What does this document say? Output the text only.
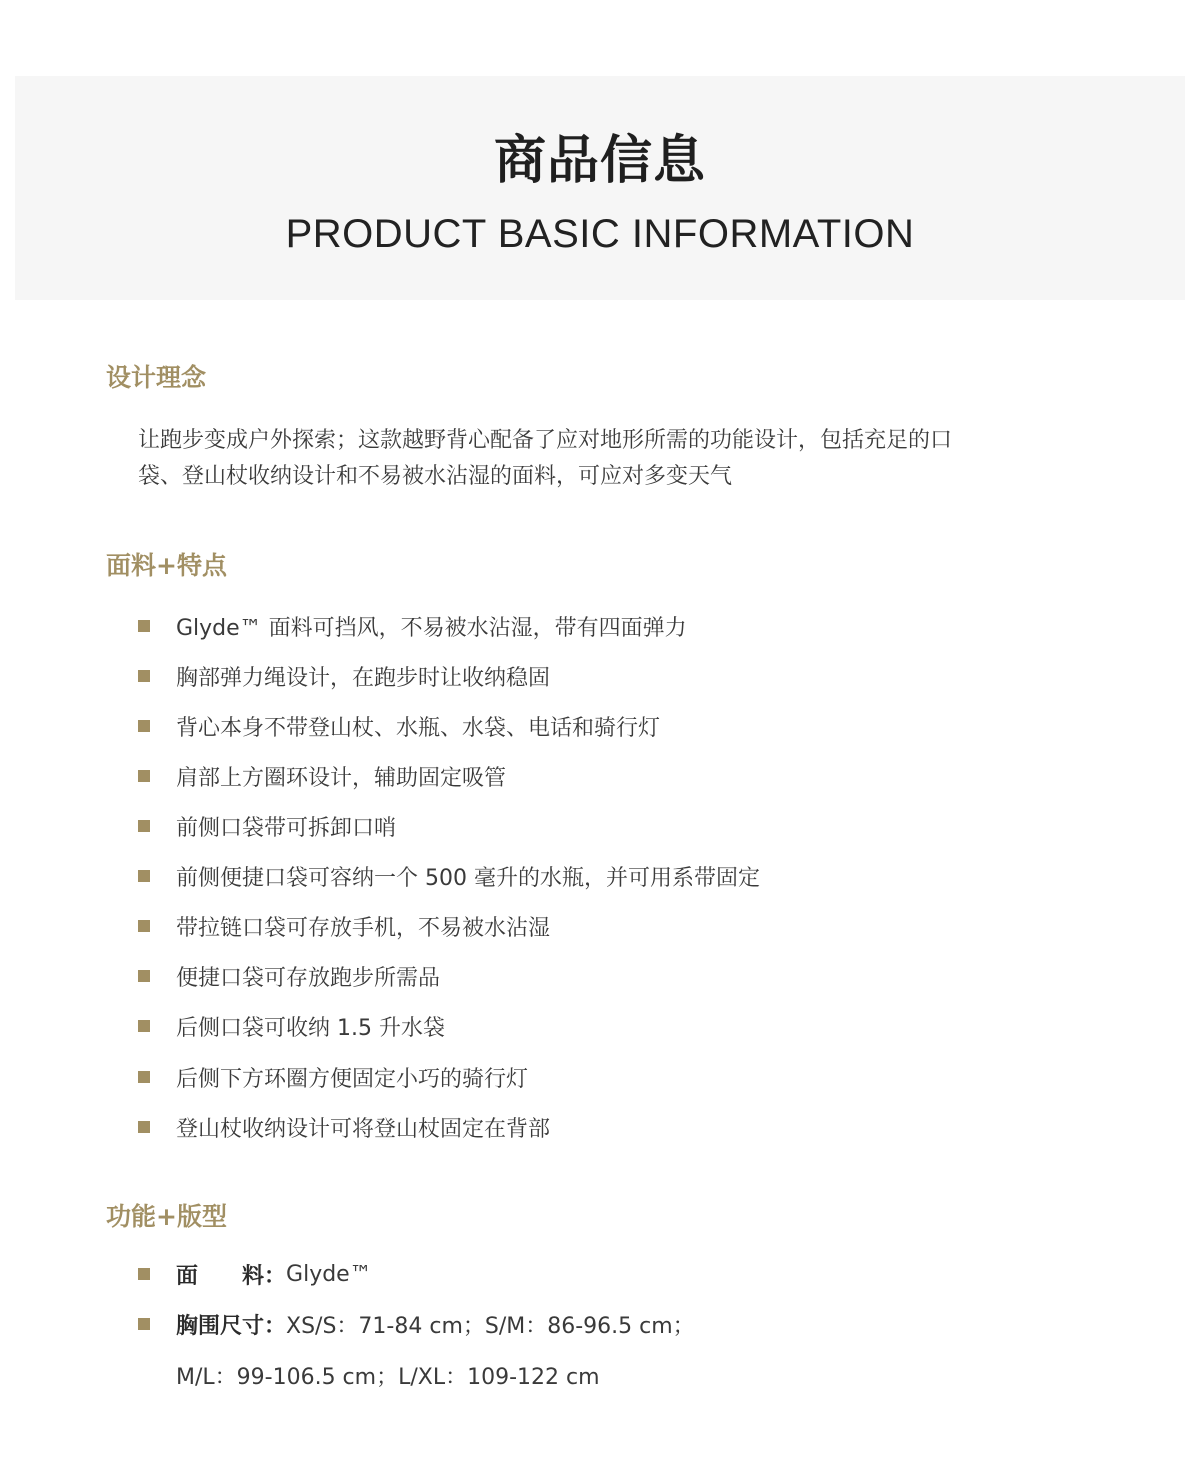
商品信息
PRODUCT BASIC INFORMATION
设计理念
让跑步变成户外探索；这款越野背心配备了应对地形所需的功能设计，包括充足的口
袋、登山杖收纳设计和不易被水沾湿的面料，可应对多变天气
面料+特点
Glyde™ 面料可挡风，不易被水沾湿，带有四面弹力
胸部弹力绳设计，在跑步时让收纳稳固
背心本身不带登山杖、水瓶、水袋、电话和骑行灯
肩部上方圈环设计，辅助固定吸管
前侧口袋带可拆卸口哨
前侧便捷口袋可容纳一个 500 毫升的水瓶，并可用系带固定
带拉链口袋可存放手机，不易被水沾湿
便捷口袋可存放跑步所需品
后侧口袋可收纳 1.5 升水袋
后侧下方环圈方便固定小巧的骑行灯
登山杖收纳设计可将登山杖固定在背部
功能+版型
面 料： Glyde™
胸围尺寸： XS/S：71-84 cm；S/M：86-96.5 cm；
M/L：99-106.5 cm；L/XL：109-122 cm
